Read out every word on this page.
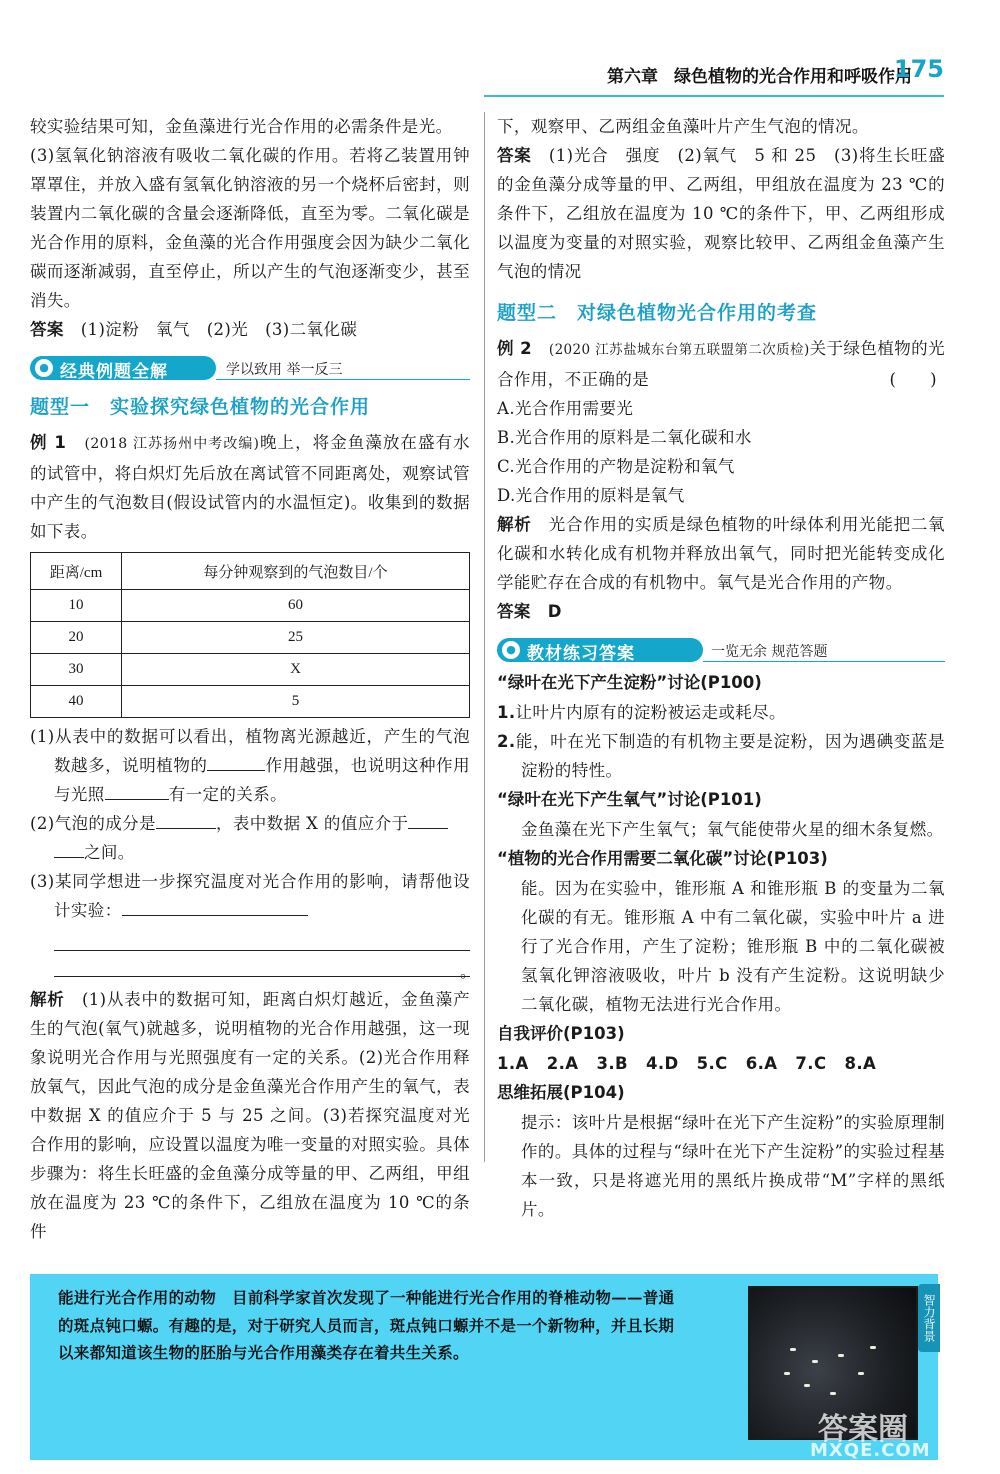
第六章 绿色植物的光合作用和呼吸作用
175

较实验结果可知，金鱼藻进行光合作用的必需条件是光。

(3)氢氧化钠溶液有吸收二氧化碳的作用。若将乙装置用钟罩罩住，并放入盛有氢氧化钠溶液的另一个烧杯后密封，则装置内二氧化碳的含量会逐渐降低，直至为零。二氧化碳是光合作用的原料，金鱼藻的光合作用强度会因为缺少二氧化碳而逐渐减弱，直至停止，所以产生的气泡逐渐变少，甚至消失。

答案　 (1)淀粉　氧气　(2)光　(3)二氧化碳

● 经典例题全解	学以致用 举一反三
题型一 实验探究绿色植物的光合作用

例 1　 (2018 江苏扬州中考改编)晚上，将金鱼藻放在盛有水的试管中，将白炽灯先后放在离试管不同距离处，观察试管中产生的气泡数目(假设试管内的水温恒定)。收集到的数据如下表。

距离/cm	每分钟观察到的气泡数目/个
10	60
20	25
30	X
40	5

(1)从表中的数据可以看出，植物离光源越近，产生的气泡数越多，说明植物的	作用越强，也说明这种作用与光照	有一定的关系。

(2)气泡的成分是	，表中数据 X 的值应介于
之间。

(3)某同学想进一步探究温度对光合作用的影响，请帮他设计实验：

。

解析　 (1)从表中的数据可知，距离白炽灯越近，金鱼藻产生的气泡(氧气)就越多，说明植物的光合作用越强，这一现象说明光合作用与光照强度有一定的关系。(2)光合作用释放氧气，因此气泡的成分是金鱼藻光合作用产生的氧气，表中数据 X 的值应介于 5 与 25 之间。(3)若探究温度对光合作用的影响，应设置以温度为唯一变量的对照实验。具体步骤为：将生长旺盛的金鱼藻分成等量的甲、乙两组，甲组放在温度为 23 ℃的条件下，乙组放在温度为 10 ℃的条件

下，观察甲、乙两组金鱼藻叶片产生气泡的情况。

答案　 (1)光合　强度　(2)氧气　5 和 25　(3)将生长旺盛的金鱼藻分成等量的甲、乙两组，甲组放在温度为 23 ℃的条件下，乙组放在温度为 10 ℃的条件下，甲、乙两组形成以温度为变量的对照实验，观察比较甲、乙两组金鱼藻产生气泡的情况

题型二 对绿色植物光合作用的考查

例 2　 (2020 江苏盐城东台第五联盟第二次质检)关于绿色植物的光合作用，不正确的是	(　　)

A.光合作用需要光

B.光合作用的原料是二氧化碳和水

C.光合作用的产物是淀粉和氧气

D.光合作用的原料是氧气

解析　 光合作用的实质是绿色植物的叶绿体利用光能把二氧化碳和水转化成有机物并释放出氧气，同时把光能转变成化学能贮存在合成的有机物中。氧气是光合作用的产物。

答案　 D

● 教材练习答案	一览无余 规范答题

“绿叶在光下产生淀粉”讨论(P100)

1.让叶片内原有的淀粉被运走或耗尽。

2.能，叶在光下制造的有机物主要是淀粉，因为遇碘变蓝是淀粉的特性。

“绿叶在光下产生氧气”讨论(P101)

金鱼藻在光下产生氧气；氧气能使带火星的细木条复燃。

“植物的光合作用需要二氧化碳”讨论(P103)

能。因为在实验中，锥形瓶 A 和锥形瓶 B 的变量为二氧化碳的有无。锥形瓶 A 中有二氧化碳，实验中叶片 a 进行了光合作用，产生了淀粉；锥形瓶 B 中的二氧化碳被氢氧化钾溶液吸收，叶片 b 没有产生淀粉。这说明缺少二氧化碳，植物无法进行光合作用。

自我评价(P103)

1.A 2.A 3.B 4.D 5.C 6.A 7.C 8.A

思维拓展(P104)

提示：该叶片是根据“绿叶在光下产生淀粉”的实验原理制作的。具体的过程与“绿叶在光下产生淀粉”的实验过程基本一致，只是将遮光用的黑纸片换成带“M”字样的黑纸片。

能进行光合作用的动物 目前科学家首次发现了一种能进行光合作用的脊椎动物——普通的斑点钝口螈。有趣的是，对于研究人员而言，斑点钝口螈并不是一个新物种，并且长期以来都知道该生物的胚胎与光合作用藻类存在着共生关系。
智力背景
答案圈
MXQE.COM
